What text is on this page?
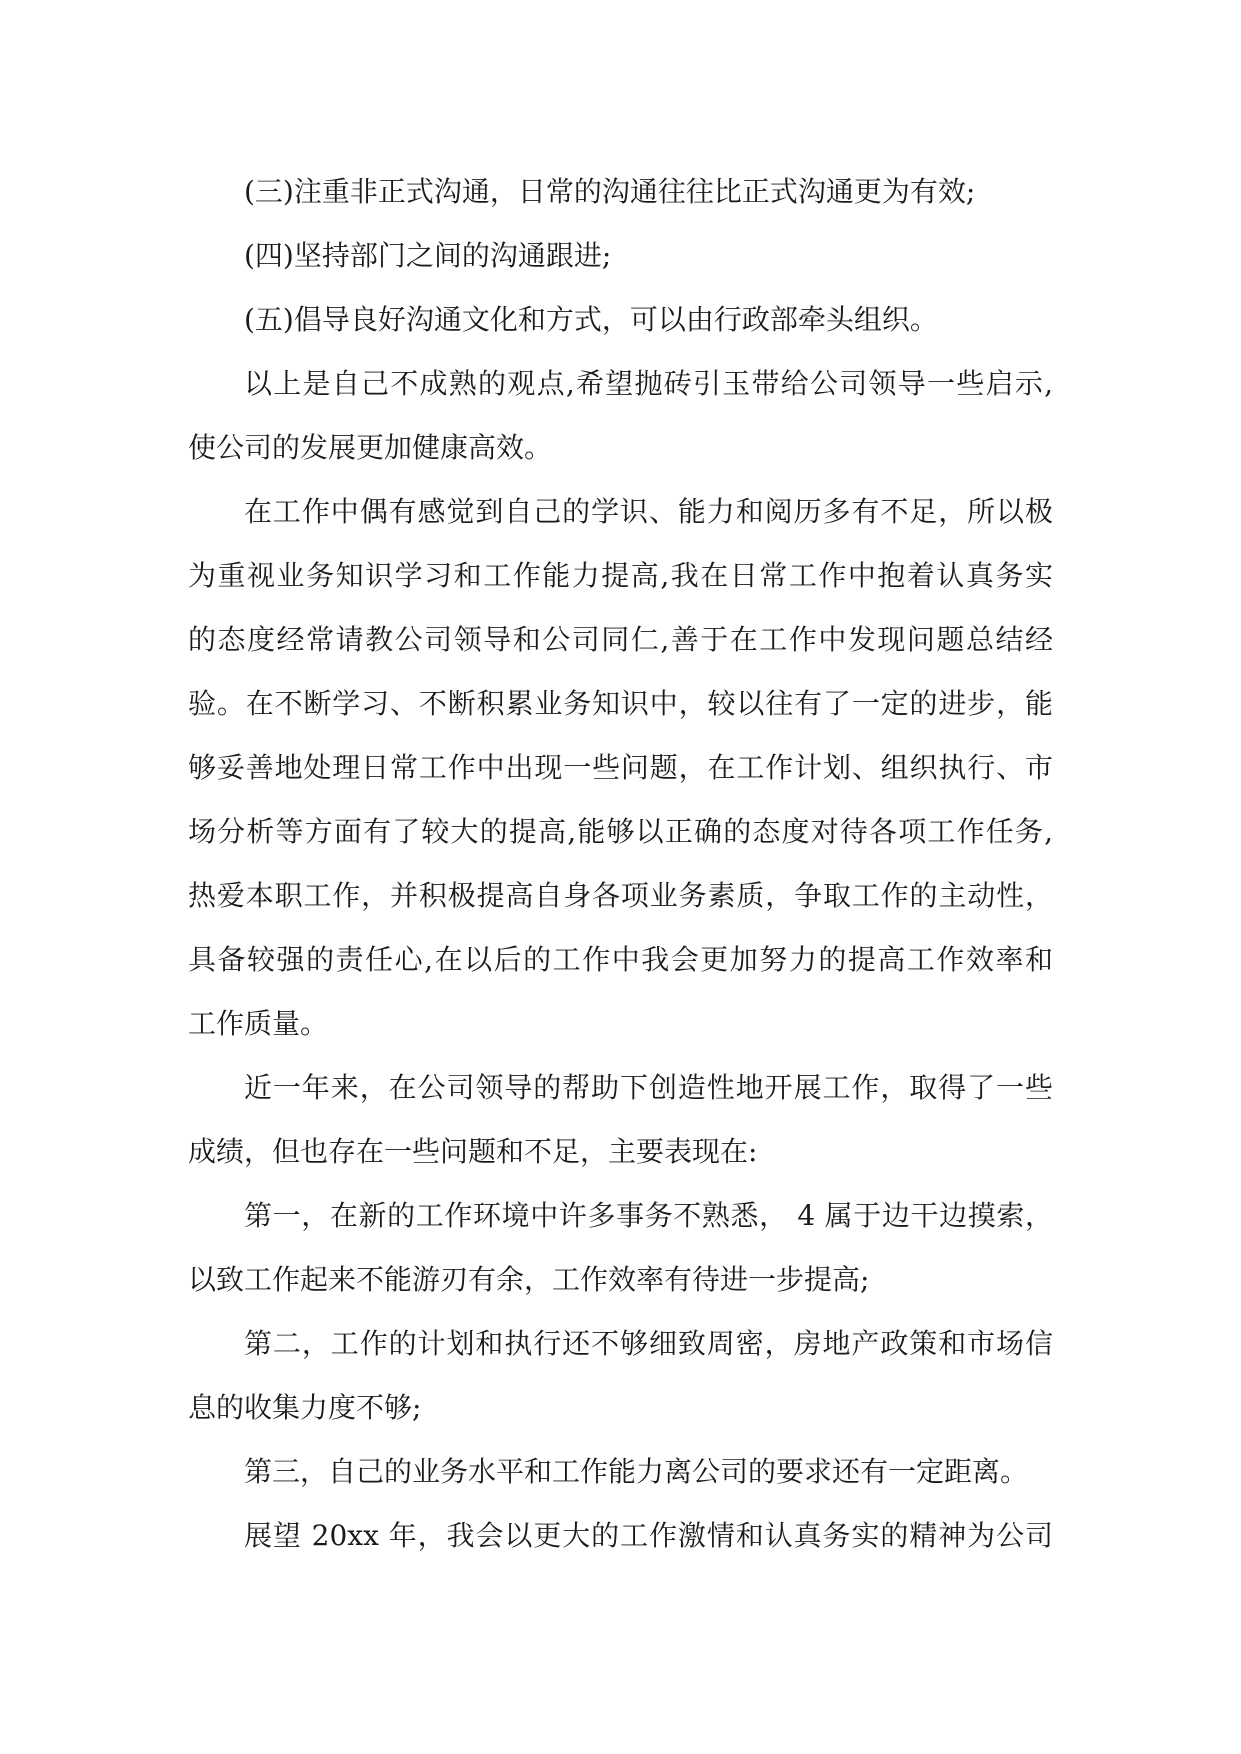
(三)注重非正式沟通，日常的沟通往往比正式沟通更为有效;
(四)坚持部门之间的沟通跟进;
(五)倡导良好沟通文化和方式，可以由行政部牵头组织。
以上是自己不成熟的观点,希望抛砖引玉带给公司领导一些启示,
使公司的发展更加健康高效。
在工作中偶有感觉到自己的学识、能力和阅历多有不足，所以极
为重视业务知识学习和工作能力提高,我在日常工作中抱着认真务实
的态度经常请教公司领导和公司同仁,善于在工作中发现问题总结经
验。在不断学习、不断积累业务知识中，较以往有了一定的进步，能
够妥善地处理日常工作中出现一些问题，在工作计划、组织执行、市
场分析等方面有了较大的提高,能够以正确的态度对待各项工作任务,
热爱本职工作，并积极提高自身各项业务素质，争取工作的主动性，
具备较强的责任心,在以后的工作中我会更加努力的提高工作效率和
工作质量。
近一年来，在公司领导的帮助下创造性地开展工作，取得了一些
成绩，但也存在一些问题和不足，主要表现在:
第一，在新的工作环境中许多事务不熟悉， 4 属于边干边摸索，
以致工作起来不能游刃有余，工作效率有待进一步提高;
第二，工作的计划和执行还不够细致周密，房地产政策和市场信
息的收集力度不够;
第三，自己的业务水平和工作能力离公司的要求还有一定距离。
展望 20xx 年，我会以更大的工作激情和认真务实的精神为公司
